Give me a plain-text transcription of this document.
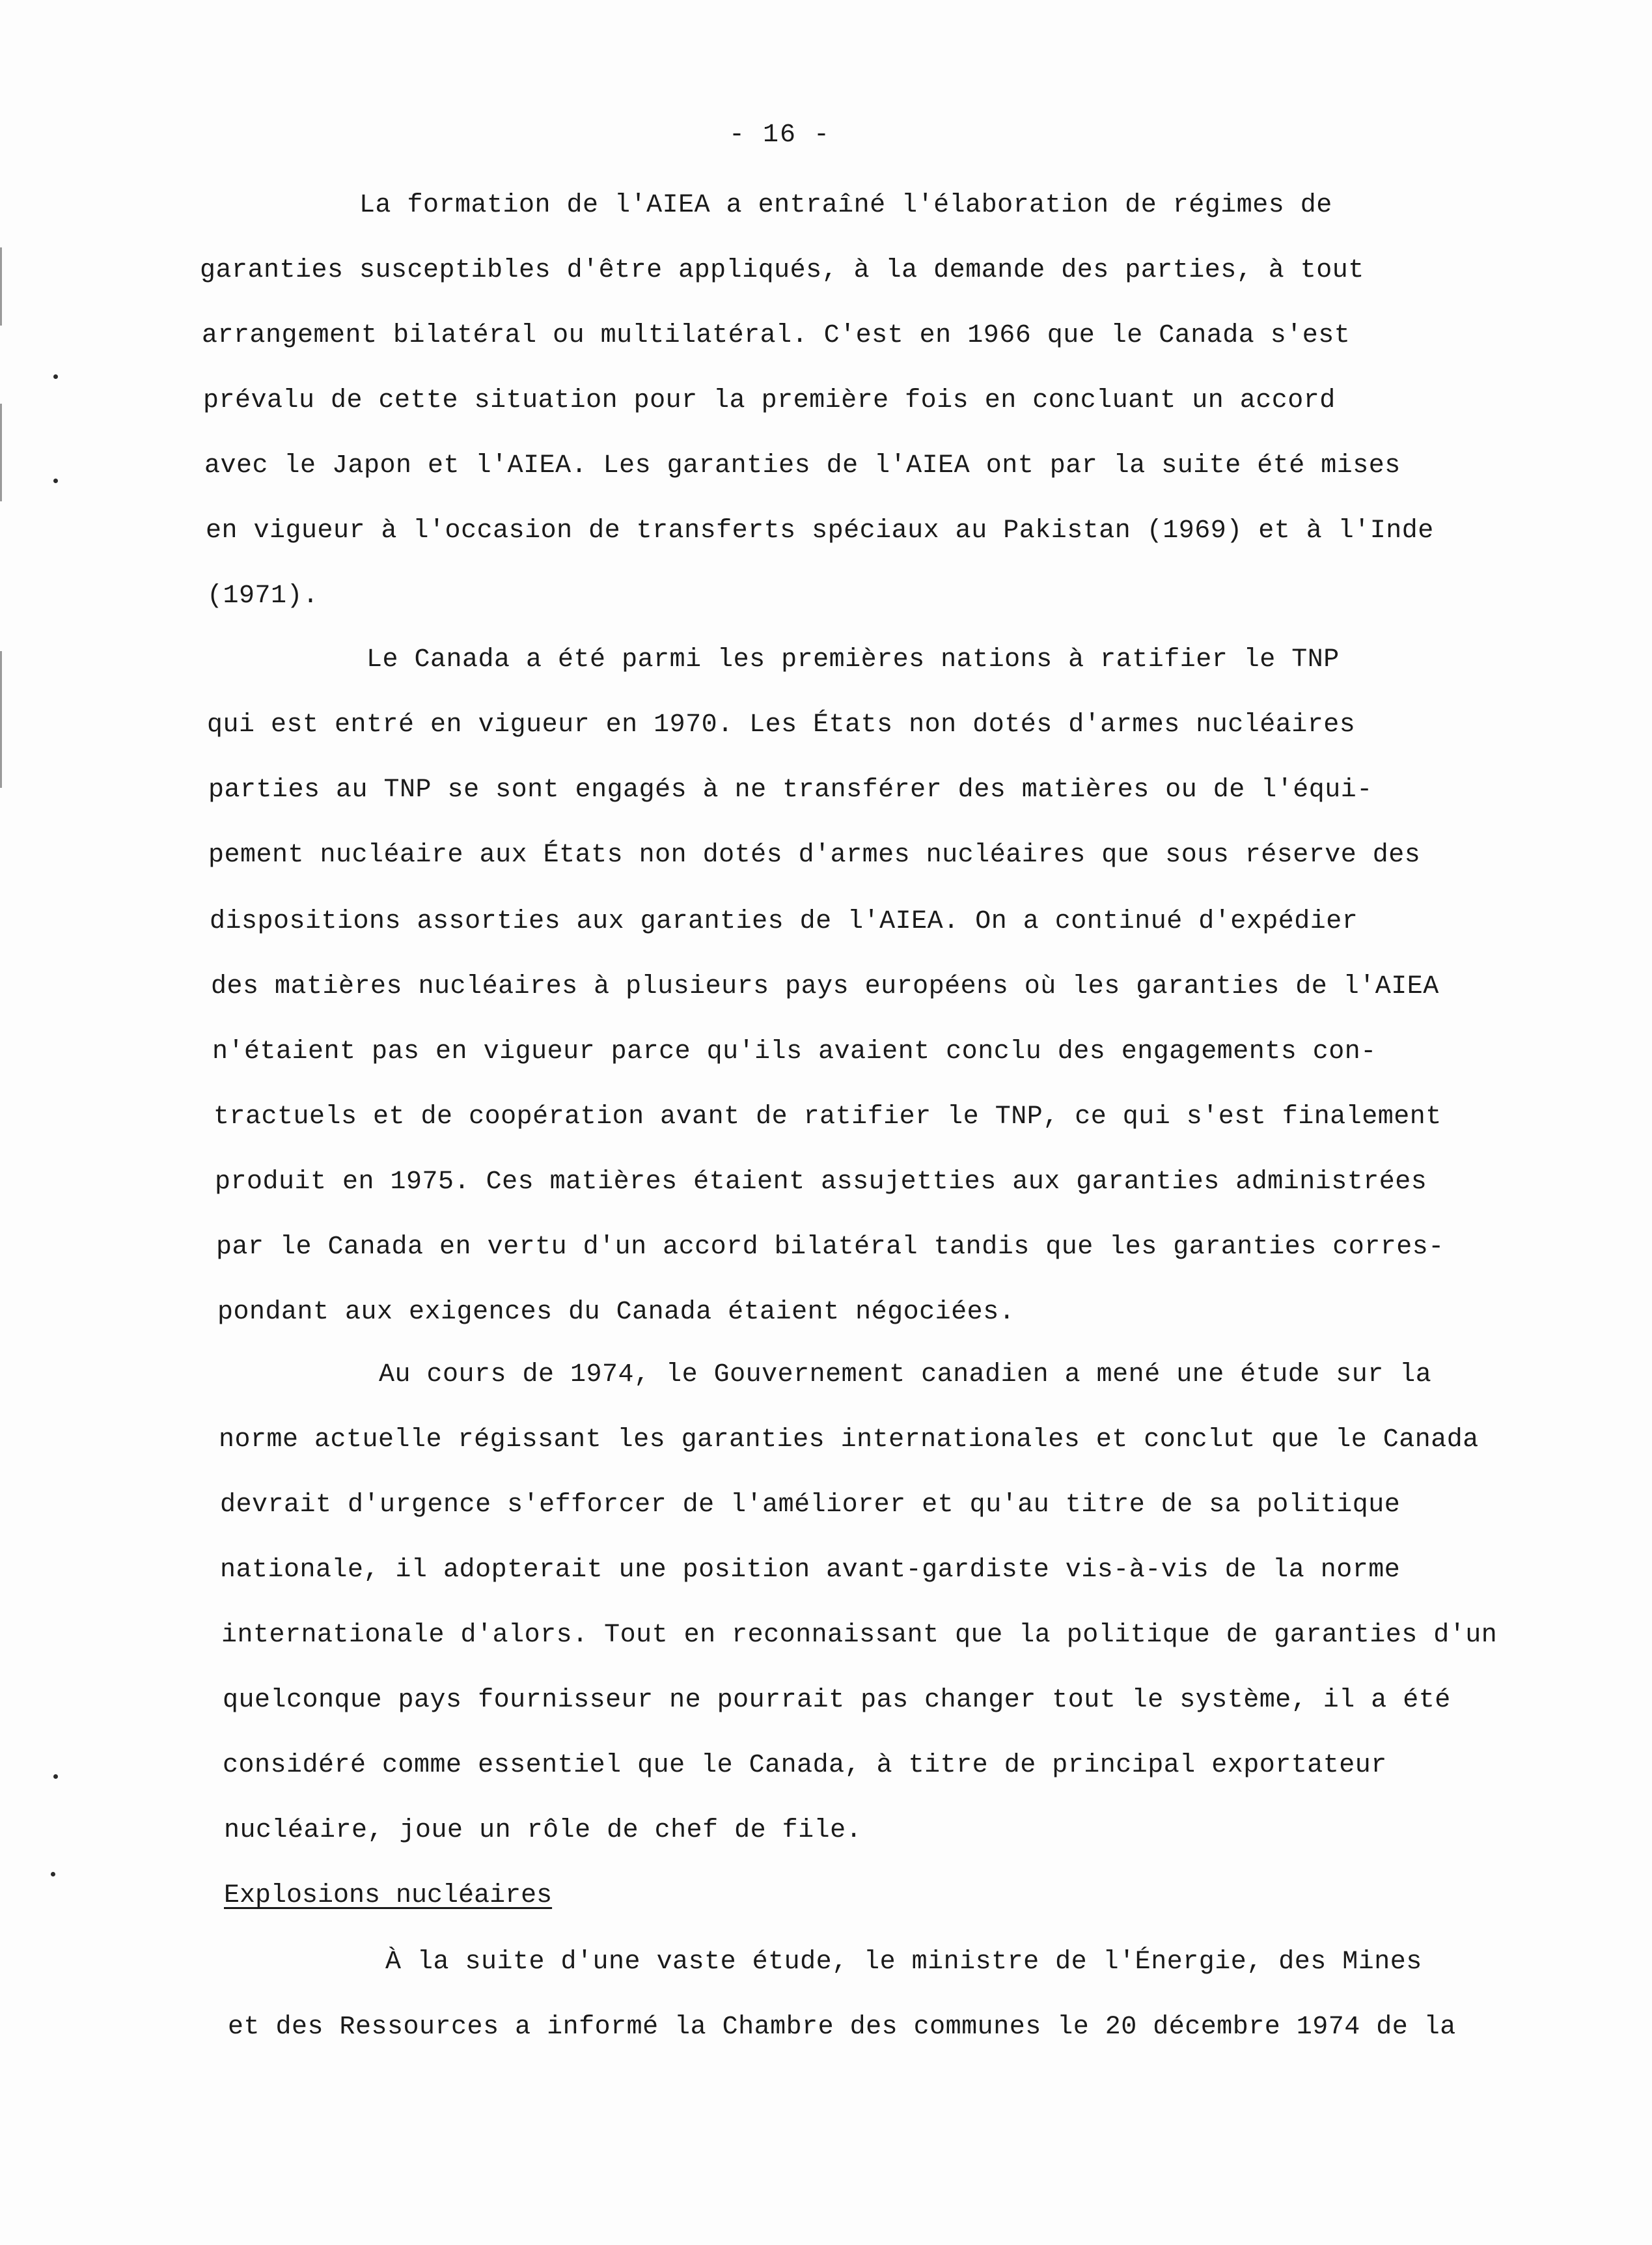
- 16 -
La formation de l'AIEA a entraîné l'élaboration de régimes de
garanties susceptibles d'être appliqués, à la demande des parties, à tout
arrangement bilatéral ou multilatéral. C'est en 1966 que le Canada s'est
prévalu de cette situation pour la première fois en concluant un accord
avec le Japon et l'AIEA. Les garanties de l'AIEA ont par la suite été mises
en vigueur à l'occasion de transferts spéciaux au Pakistan (1969) et à l'Inde
(1971).
Le Canada a été parmi les premières nations à ratifier le TNP
qui est entré en vigueur en 1970. Les États non dotés d'armes nucléaires
parties au TNP se sont engagés à ne transférer des matières ou de l'équi-
pement nucléaire aux États non dotés d'armes nucléaires que sous réserve des
dispositions assorties aux garanties de l'AIEA. On a continué d'expédier
des matières nucléaires à plusieurs pays européens où les garanties de l'AIEA
n'étaient pas en vigueur parce qu'ils avaient conclu des engagements con-
tractuels et de coopération avant de ratifier le TNP, ce qui s'est finalement
produit en 1975. Ces matières étaient assujetties aux garanties administrées
par le Canada en vertu d'un accord bilatéral tandis que les garanties corres-
pondant aux exigences du Canada étaient négociées.
Au cours de 1974, le Gouvernement canadien a mené une étude sur la
norme actuelle régissant les garanties internationales et conclut que le Canada
devrait d'urgence s'efforcer de l'améliorer et qu'au titre de sa politique
nationale, il adopterait une position avant-gardiste vis-à-vis de la norme
internationale d'alors. Tout en reconnaissant que la politique de garanties d'un
quelconque pays fournisseur ne pourrait pas changer tout le système, il a été
considéré comme essentiel que le Canada, à titre de principal exportateur
nucléaire, joue un rôle de chef de file.
Explosions nucléaires
À la suite d'une vaste étude, le ministre de l'Énergie, des Mines
et des Ressources a informé la Chambre des communes le 20 décembre 1974 de la
